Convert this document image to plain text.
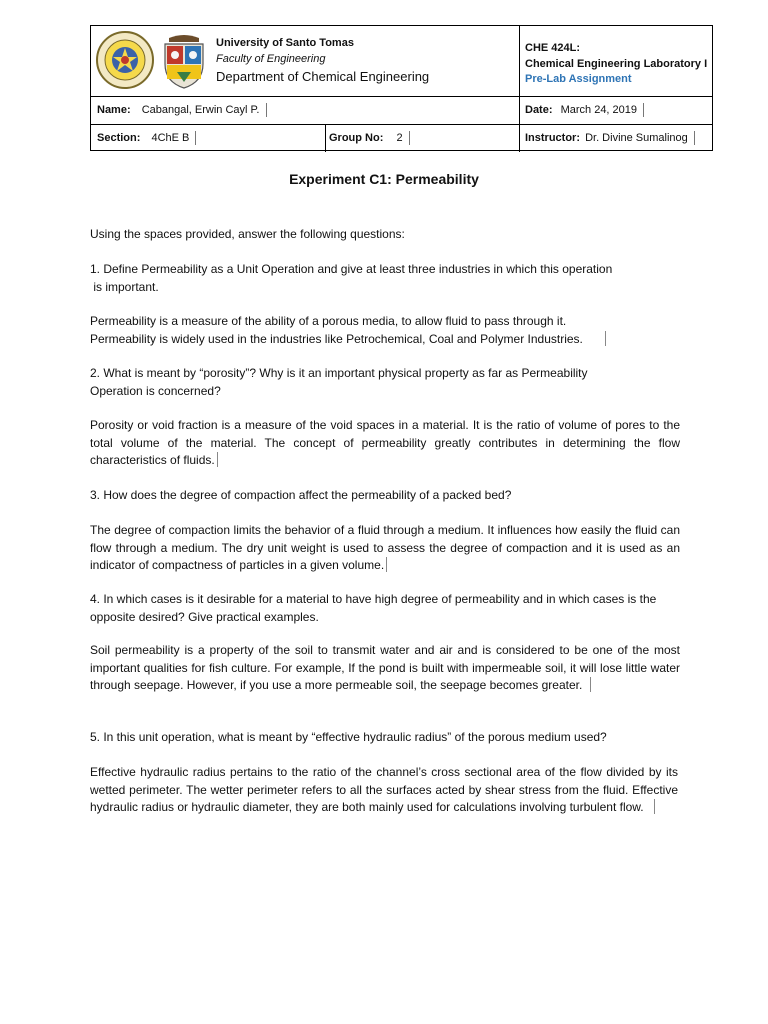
University of Santo Tomas
Faculty of Engineering
Department of Chemical Engineering
CHE 424L:
Chemical Engineering Laboratory I
Pre-Lab Assignment
Name: Cabangal, Erwin Cayl P.	Date: March 24, 2019
Section: 4ChE B	Group No: 2	Instructor: Dr. Divine Sumalinog
Experiment C1: Permeability
Using the spaces provided, answer the following questions:
1. Define Permeability as a Unit Operation and give at least three industries in which this operation
is important.
Permeability is a measure of the ability of a porous media, to allow fluid to pass through it.
Permeability is widely used in the industries like Petrochemical, Coal and Polymer Industries.
2. What is meant by “porosity”? Why is it an important physical property as far as Permeability
Operation is concerned?
Porosity or void fraction is a measure of the void spaces in a material. It is the ratio of volume of pores to the total volume of the material. The concept of permeability greatly contributes in determining the flow characteristics of fluids.
3. How does the degree of compaction affect the permeability of a packed bed?
The degree of compaction limits the behavior of a fluid through a medium. It influences how easily the fluid can flow through a medium. The dry unit weight is used to assess the degree of compaction and it is used as an indicator of compactness of particles in a given volume.
4. In which cases is it desirable for a material to have high degree of permeability and in which cases is the opposite desired? Give practical examples.
Soil permeability is a property of the soil to transmit water and air and is considered to be one of the most important qualities for fish culture. For example, If the pond is built with impermeable soil, it will lose little water through seepage. However, if you use a more permeable soil, the seepage becomes greater.
5. In this unit operation, what is meant by “effective hydraulic radius” of the porous medium used?
Effective hydraulic radius pertains to the ratio of the channel’s cross sectional area of the flow divided by its wetted perimeter. The wetter perimeter refers to all the surfaces acted by shear stress from the fluid. Effective hydraulic radius or hydraulic diameter, they are both mainly used for calculations involving turbulent flow.
